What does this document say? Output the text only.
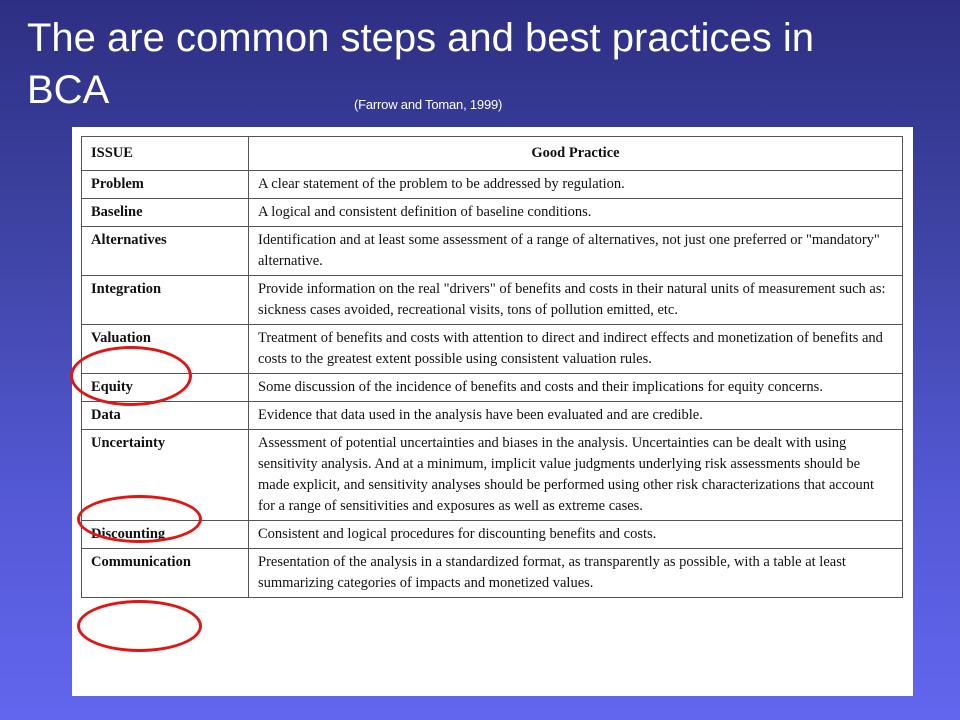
The are common steps and best practices in BCA	(Farrow and Toman, 1999)
ISSUE	Good Practice
Problem	A clear statement of the problem to be addressed by regulation.
Baseline	A logical and consistent definition of baseline conditions.
Alternatives	Identification and at least some assessment of a range of alternatives, not just one preferred or "mandatory" alternative.
Integration	Provide information on the real "drivers" of benefits and costs in their natural units of measurement such as: sickness cases avoided, recreational visits, tons of pollution emitted, etc.
Valuation	Treatment of benefits and costs with attention to direct and indirect effects and monetization of benefits and costs to the greatest extent possible using consistent valuation rules.
Equity	Some discussion of the incidence of benefits and costs and their implications for equity concerns.
Data	Evidence that data used in the analysis have been evaluated and are credible.
Uncertainty	Assessment of potential uncertainties and biases in the analysis. Uncertainties can be dealt with using sensitivity analysis. And at a minimum, implicit value judgments underlying risk assessments should be made explicit, and sensitivity analyses should be performed using other risk characterizations that account for a range of sensitivities and exposures as well as extreme cases.
Discounting	Consistent and logical procedures for discounting benefits and costs.
Communication	Presentation of the analysis in a standardized format, as transparently as possible, with a table at least summarizing categories of impacts and monetized values.
